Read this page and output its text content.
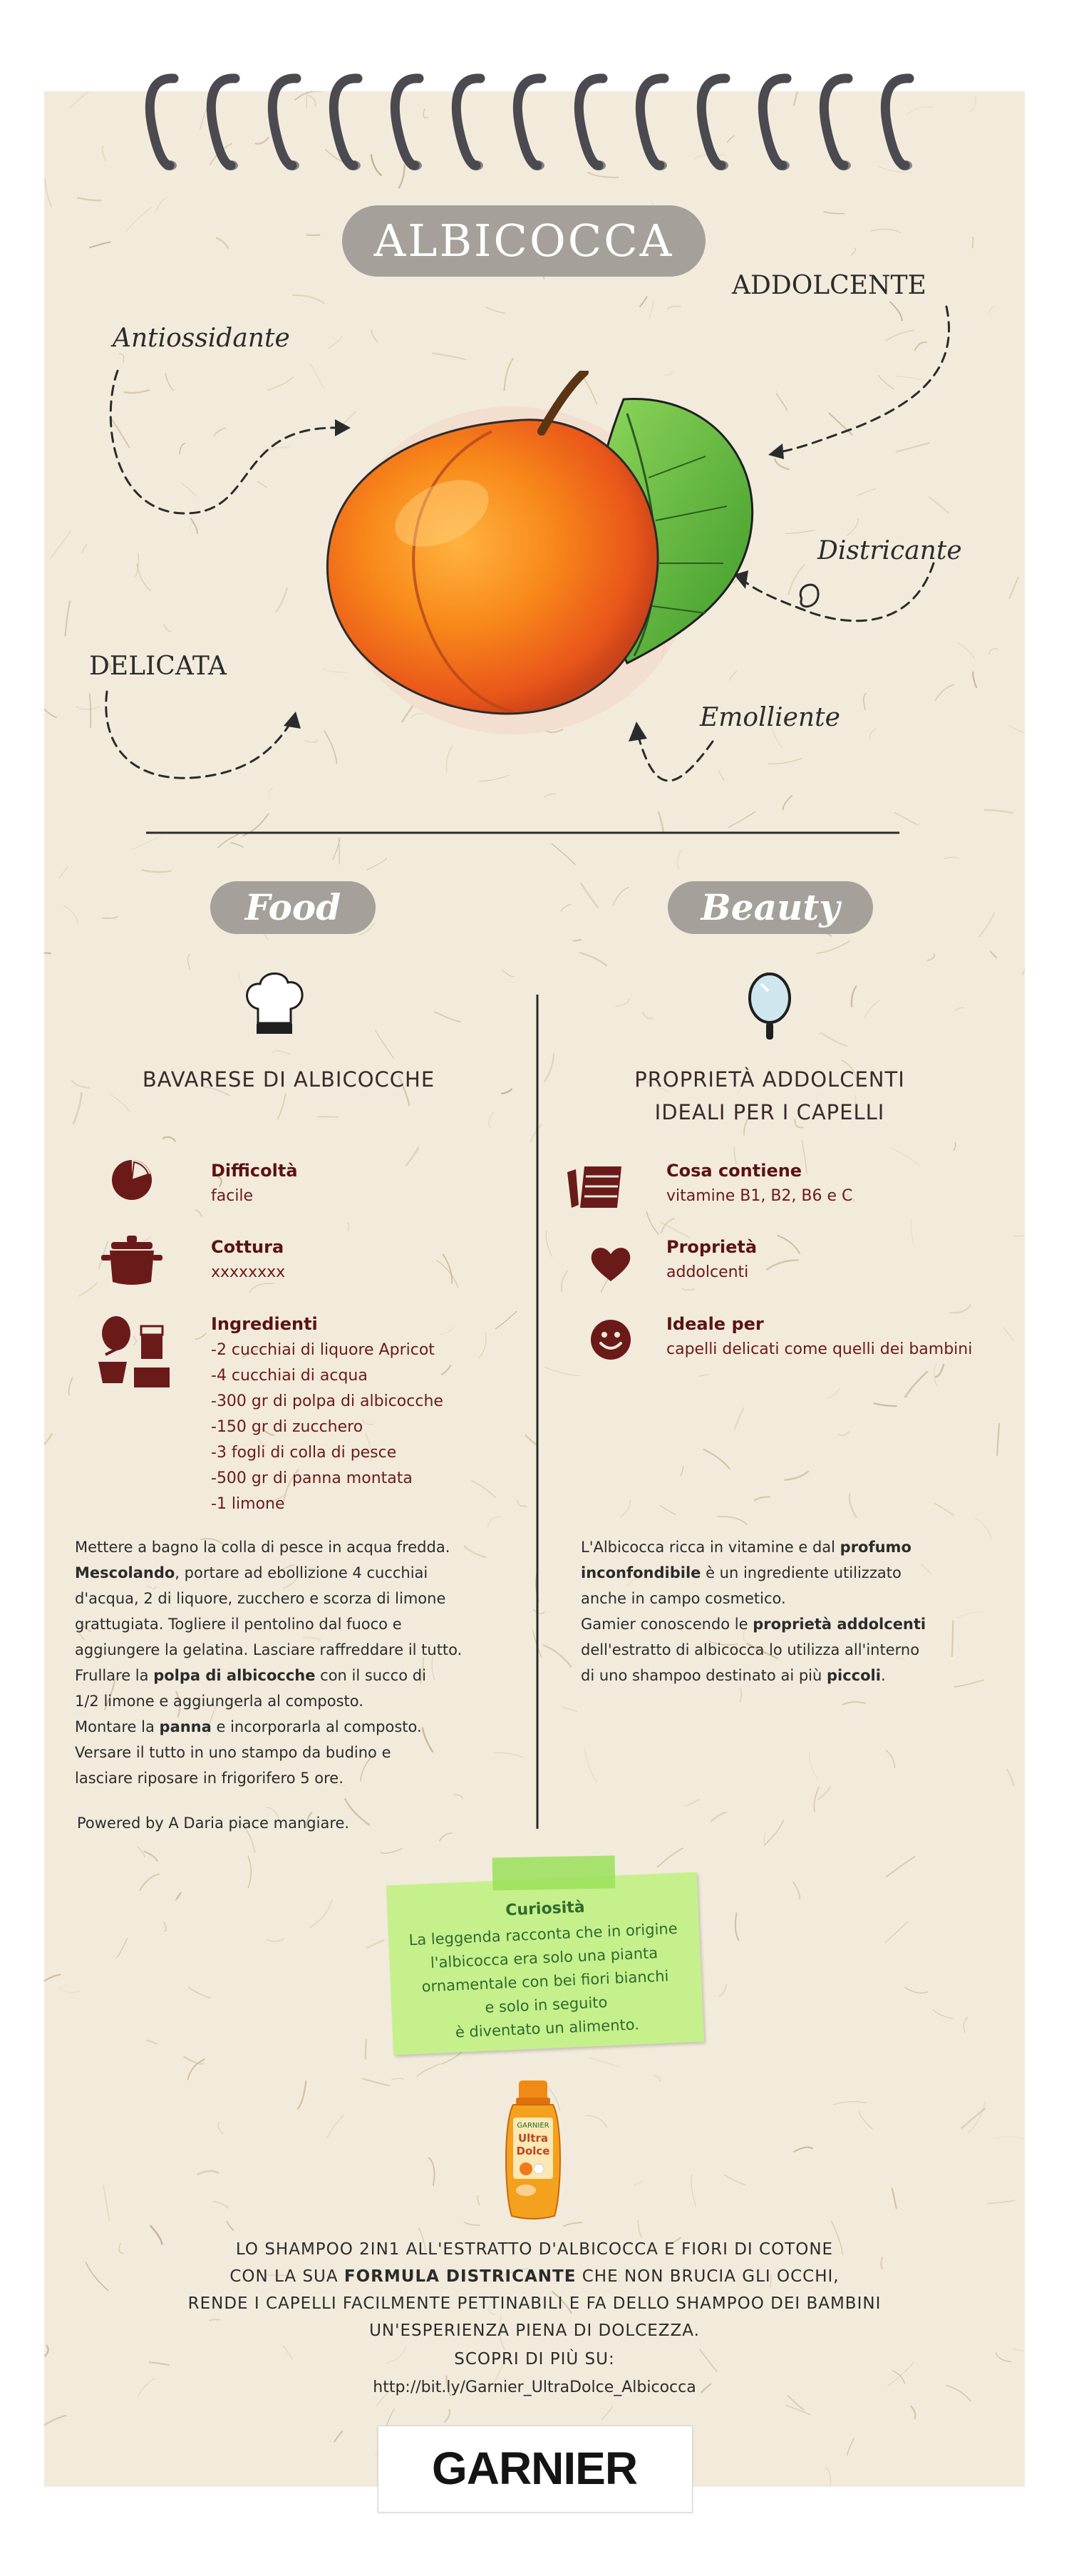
ALBICOCCA
Antiossidante
ADDOLCENTE
Districante
DELICATA
Emolliente
Food	Beauty
BAVARESE DI ALBICOCCHE
Difficoltà
facile
Cottura
xxxxxxxx
Ingredienti
-2 cucchiai di liquore Apricot
-4 cucchiai di acqua
-300 gr di polpa di albicocche
-150 gr di zucchero
-3 fogli di colla di pesce
-500 gr di panna montata
-1 limone
Mettere a bagno la colla di pesce in acqua fredda.
Mescolando, portare ad ebollizione 4 cucchiai
d'acqua, 2 di liquore, zucchero e scorza di limone
grattugiata. Togliere il pentolino dal fuoco e
aggiungere la gelatina. Lasciare raffreddare il tutto.
Frullare la polpa di albicocche con il succo di
1/2 limone e aggiungerla al composto.
Montare la panna e incorporarla al composto.
Versare il tutto in uno stampo da budino e
lasciare riposare in frigorifero 5 ore.
Powered by A Daria piace mangiare.
PROPRIETÀ ADDOLCENTI
IDEALI PER I CAPELLI
Cosa contiene
vitamine B1, B2, B6 e C
Proprietà
addolcenti
Ideale per
capelli delicati come quelli dei bambini
L'Albicocca ricca in vitamine e dal profumo
inconfondibile è un ingrediente utilizzato
anche in campo cosmetico.
Gamier conoscendo le proprietà addolcenti
dell'estratto di albicocca lo utilizza all'interno
di uno shampoo destinato ai più piccoli.
Curiosità
La leggenda racconta che in origine
l'albicocca era solo una pianta
ornamentale con bei fiori bianchi
e solo in seguito
è diventato un alimento.
GARNIER
Ultra
Dolce
LO SHAMPOO 2IN1 ALL'ESTRATTO D'ALBICOCCA E FIORI DI COTONE
CON LA SUA FORMULA DISTRICANTE CHE NON BRUCIA GLI OCCHI,
RENDE I CAPELLI FACILMENTE PETTINABILI E FA DELLO SHAMPOO DEI BAMBINI
UN'ESPERIENZA PIENA DI DOLCEZZA.
SCOPRI DI PIÙ SU:
http://bit.ly/Garnier_UltraDolce_Albicocca
GARNIER
